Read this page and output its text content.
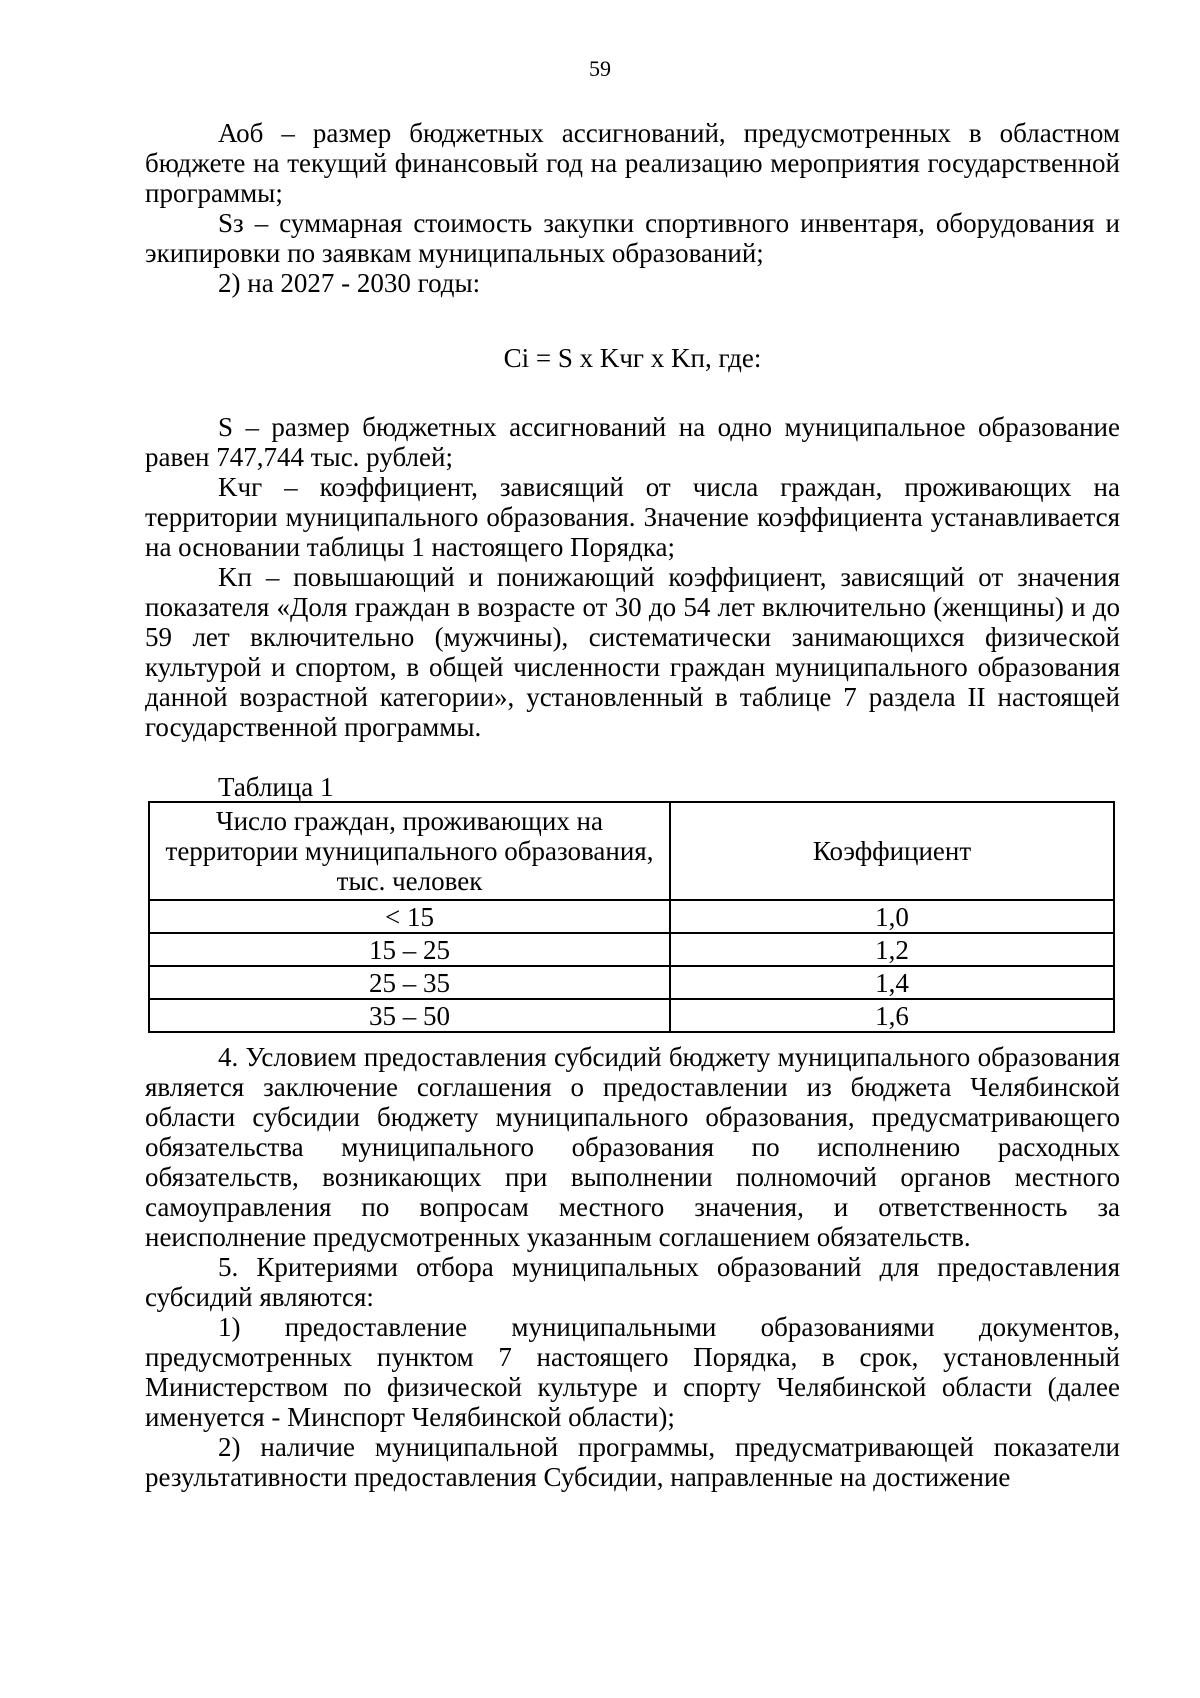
59

Аоб – размер бюджетных ассигнований, предусмотренных в областном бюджете на текущий финансовый год на реализацию мероприятия государственной программы;

Sз – суммарная стоимость закупки спортивного инвентаря, оборудования и экипировки по заявкам муниципальных образований;

2) на 2027 - 2030 годы:

Ci = S x Kчг x Kп, где:

S – размер бюджетных ассигнований на одно муниципальное образование равен 747,744 тыс. рублей;

Kчг – коэффициент, зависящий от числа граждан, проживающих на территории муниципального образования. Значение коэффициента устанавливается на основании таблицы 1 настоящего Порядка;

Kп – повышающий и понижающий коэффициент, зависящий от значения показателя «Доля граждан в возрасте от 30 до 54 лет включительно (женщины) и до 59 лет включительно (мужчины), систематически занимающихся физической культурой и спортом, в общей численности граждан муниципального образования данной возрастной категории», установленный в таблице 7 раздела II настоящей государственной программы.

Таблица 1

Число граждан, проживающих на территории муниципального образования, тыс. человек	Коэффициент
< 15	1,0
15 – 25	1,2
25 – 35	1,4
35 – 50	1,6

4. Условием предоставления субсидий бюджету муниципального образования является заключение соглашения о предоставлении из бюджета Челябинской области субсидии бюджету муниципального образования, предусматривающего обязательства муниципального образования по исполнению расходных обязательств, возникающих при выполнении полномочий органов местного самоуправления по вопросам местного значения, и ответственность за неисполнение предусмотренных указанным соглашением обязательств.

5. Критериями отбора муниципальных образований для предоставления субсидий являются:

1) предоставление муниципальными образованиями документов, предусмотренных пунктом 7 настоящего Порядка, в срок, установленный Министерством по физической культуре и спорту Челябинской области (далее именуется - Минспорт Челябинской области);

2) наличие муниципальной программы, предусматривающей показатели результативности предоставления Субсидии, направленные на достижение
